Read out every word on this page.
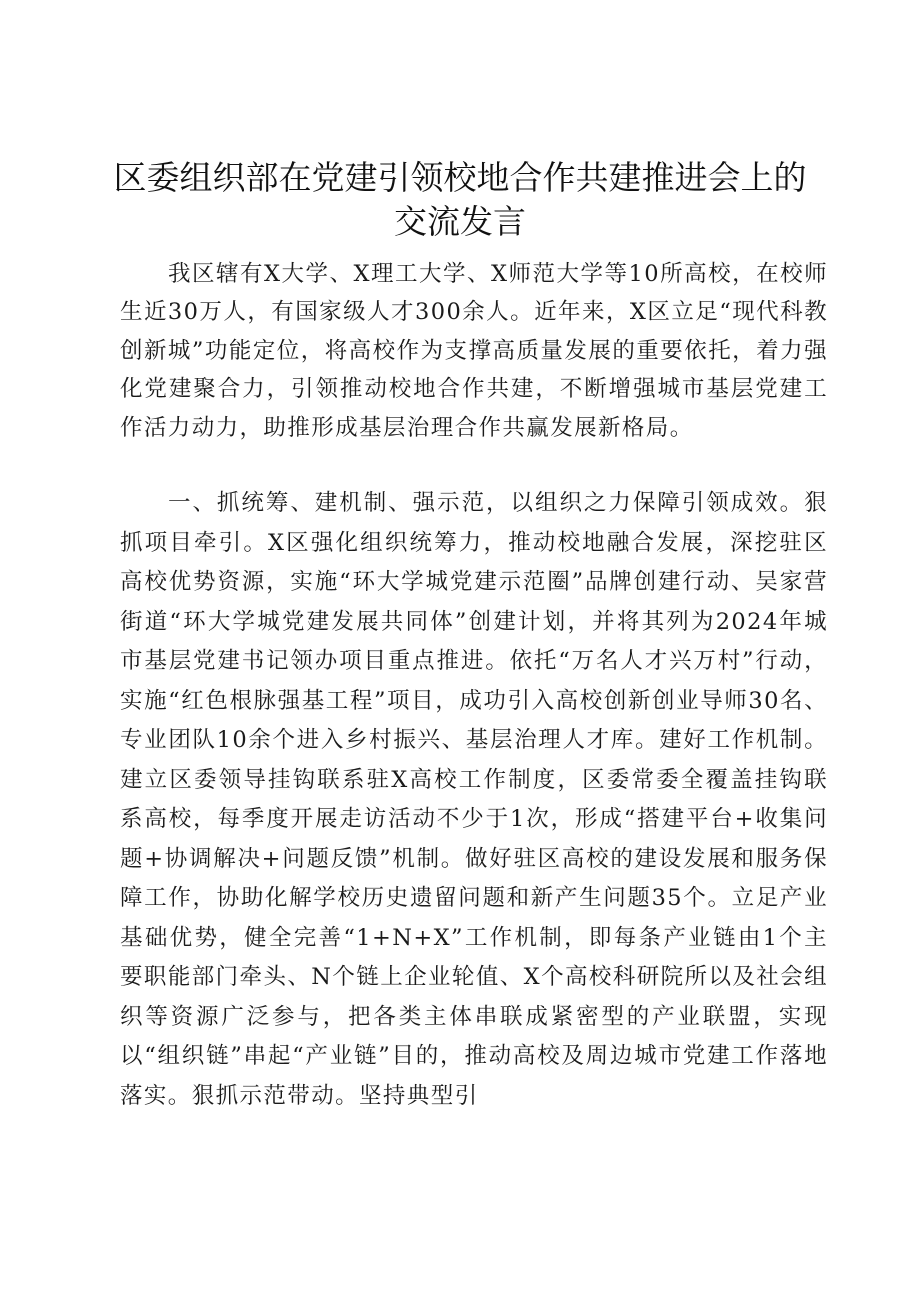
区委组织部在党建引领校地合作共建推进会上的
交流发言

我区辖有X大学、X理工大学、X师范大学等10所高校，在校师生近30万人，有国家级人才300余人。近年来，X区立足“现代科教创新城”功能定位，将高校作为支撑高质量发展的重要依托，着力强化党建聚合力，引领推动校地合作共建，不断增强城市基层党建工作活力动力，助推形成基层治理合作共赢发展新格局。

一、抓统筹、建机制、强示范，以组织之力保障引领成效。狠抓项目牵引。X区强化组织统筹力，推动校地融合发展，深挖驻区高校优势资源，实施“环大学城党建示范圈”品牌创建行动、吴家营街道“环大学城党建发展共同体”创建计划，并将其列为2024年城市基层党建书记领办项目重点推进。依托“万名人才兴万村”行动，实施“红色根脉强基工程”项目，成功引入高校创新创业导师30名、专业团队10余个进入乡村振兴、基层治理人才库。建好工作机制。建立区委领导挂钩联系驻X高校工作制度，区委常委全覆盖挂钩联系高校，每季度开展走访活动不少于1次，形成“搭建平台+收集问题+协调解决+问题反馈”机制。做好驻区高校的建设发展和服务保障工作，协助化解学校历史遗留问题和新产生问题35个。立足产业基础优势，健全完善“1+N+X”工作机制，即每条产业链由1个主要职能部门牵头、N个链上企业轮值、X个高校科研院所以及社会组织等资源广泛参与，把各类主体串联成紧密型的产业联盟，实现以“组织链”串起“产业链”目的，推动高校及周边城市党建工作落地落实。狠抓示范带动。坚持典型引
